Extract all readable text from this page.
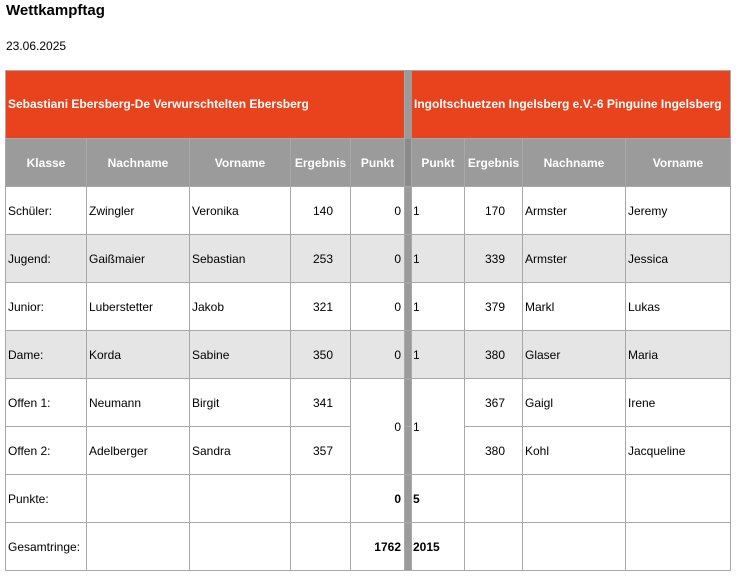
Wettkampftag
23.06.2025
Sebastiani Ebersberg-De Verwurschtelten Ebersberg						Ingoltschuetzen Ingelsberg e.V.-6 Pinguine Ingelsberg			
Klasse	Nachname	Vorname	Ergebnis	Punkt		Punkt	Ergebnis	Nachname	Vorname
Schüler:	Zwingler	Veronika	140	0		1	170	Armster	Jeremy
Jugend:	Gaißmaier	Sebastian	253	0		1	339	Armster	Jessica
Junior:	Luberstetter	Jakob	321	0		1	379	Markl	Lukas
Dame:	Korda	Sabine	350	0		1	380	Glaser	Maria
Offen 1:	Neumann	Birgit	341	0		1	367	Gaigl	Irene
Offen 2:	Adelberger	Sandra	357				380	Kohl	Jacqueline
Punkte:				0		5			
Gesamtringe:				1762		2015			
